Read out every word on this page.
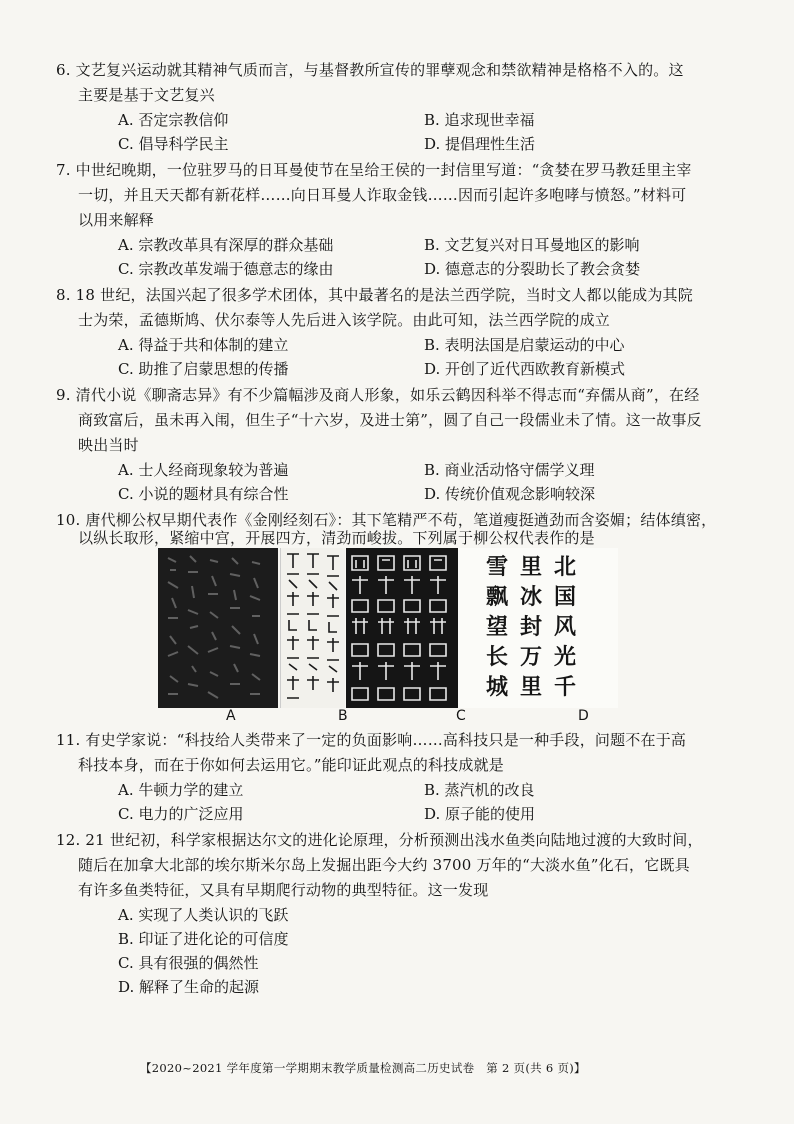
6. 文艺复兴运动就其精神气质而言，与基督教所宣传的罪孽观念和禁欲精神是格格不入的。这
主要是基于文艺复兴
A. 否定宗教信仰	B. 追求现世幸福
C. 倡导科学民主	D. 提倡理性生活
7. 中世纪晚期，一位驻罗马的日耳曼使节在呈给王侯的一封信里写道：“贪婪在罗马教廷里主宰
一切，并且天天都有新花样……向日耳曼人诈取金钱……因而引起许多咆哮与愤怒。”材料可
以用来解释
A. 宗教改革具有深厚的群众基础	B. 文艺复兴对日耳曼地区的影响
C. 宗教改革发端于德意志的缘由	D. 德意志的分裂助长了教会贪婪
8. 18 世纪，法国兴起了很多学术团体，其中最著名的是法兰西学院，当时文人都以能成为其院
士为荣，孟德斯鸠、伏尔泰等人先后进入该学院。由此可知，法兰西学院的成立
A. 得益于共和体制的建立	B. 表明法国是启蒙运动的中心
C. 助推了启蒙思想的传播	D. 开创了近代西欧教育新模式
9. 清代小说《聊斋志异》有不少篇幅涉及商人形象，如乐云鹤因科举不得志而“弃儒从商”，在经
商致富后，虽未再入闱，但生子“十六岁，及进士第”，圆了自己一段儒业未了情。这一故事反
映出当时
A. 士人经商现象较为普遍	B. 商业活动恪守儒学义理
C. 小说的题材具有综合性	D. 传统价值观念影响较深
10. 唐代柳公权早期代表作《金刚经刻石》：其下笔精严不苟，笔道瘦挺遒劲而含姿媚；结体缜密，
以纵长取形，紧缩中宫，开展四方，清劲而峻拔。下列属于柳公权代表作的是
雪里北
飘冰国
望封风
长万光
城里千
A	B	C	D
11. 有史学家说：“科技给人类带来了一定的负面影响……高科技只是一种手段，问题不在于高
科技本身，而在于你如何去运用它。”能印证此观点的科技成就是
A. 牛顿力学的建立	B. 蒸汽机的改良
C. 电力的广泛应用	D. 原子能的使用
12. 21 世纪初，科学家根据达尔文的进化论原理，分析预测出浅水鱼类向陆地过渡的大致时间，
随后在加拿大北部的埃尔斯米尔岛上发掘出距今大约 3700 万年的“大淡水鱼”化石，它既具
有许多鱼类特征，又具有早期爬行动物的典型特征。这一发现
A. 实现了人类认识的飞跃
B. 印证了进化论的可信度
C. 具有很强的偶然性
D. 解释了生命的起源
【2020~2021 学年度第一学期期末教学质量检测高二历史试卷　第 2 页(共 6 页)】
